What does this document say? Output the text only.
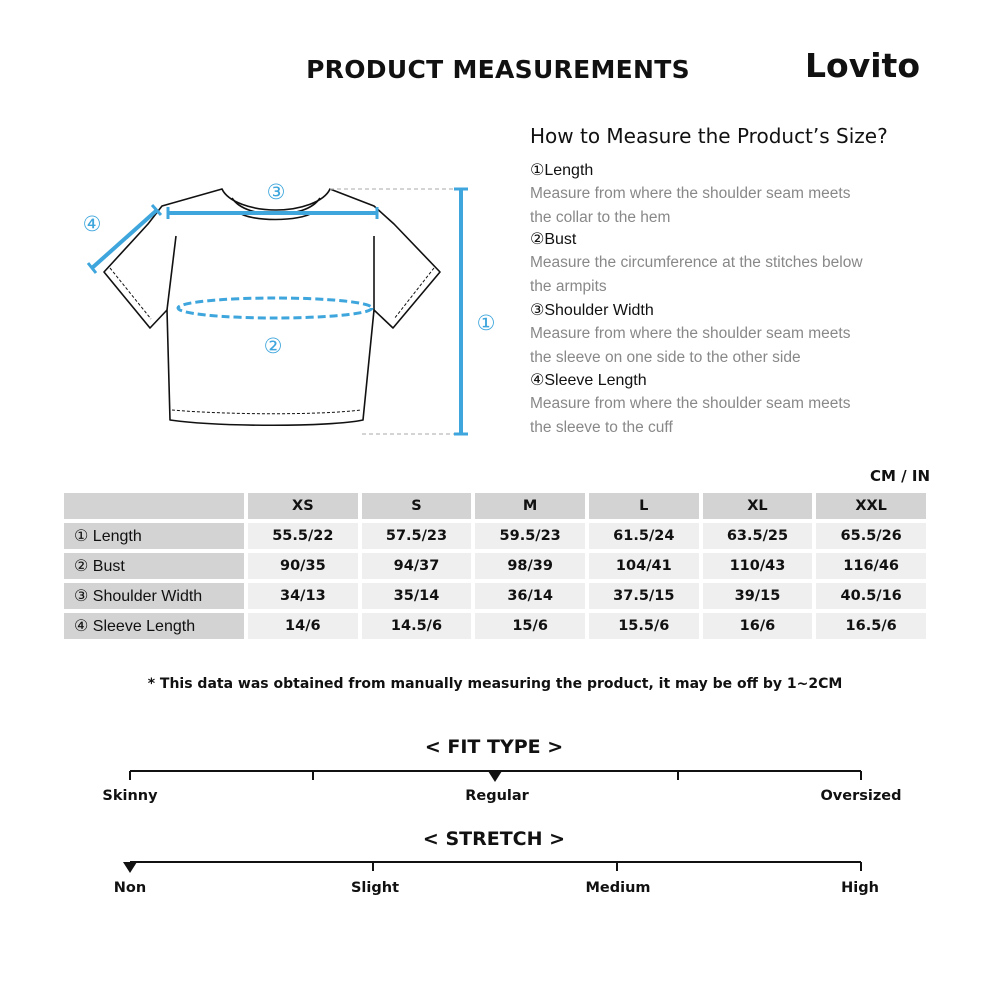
PRODUCT MEASUREMENTS	Lovito
①
②
③
④
How to Measure the Product’s Size?
①Length
Measure from where the shoulder seam meets
the collar to the hem
②Bust
Measure the circumference at the stitches below
the armpits
③Shoulder Width
Measure from where the shoulder seam meets
the sleeve on one side to the other side
④Sleeve Length
Measure from where the shoulder seam meets
the sleeve to the cuff
CM / IN
	XS	S	M	L	XL	XXL
① Length	55.5/22	57.5/23	59.5/23	61.5/24	63.5/25	65.5/26
② Bust	90/35	94/37	98/39	104/41	110/43	116/46
③ Shoulder Width	34/13	35/14	36/14	37.5/15	39/15	40.5/16
④ Sleeve Length	14/6	14.5/6	15/6	15.5/6	16/6	16.5/6
* This data was obtained from manually measuring the product, it may be off by 1~2CM
< FIT TYPE >
Skinny	Regular	Oversized
< STRETCH >
Non	Slight	Medium	High
